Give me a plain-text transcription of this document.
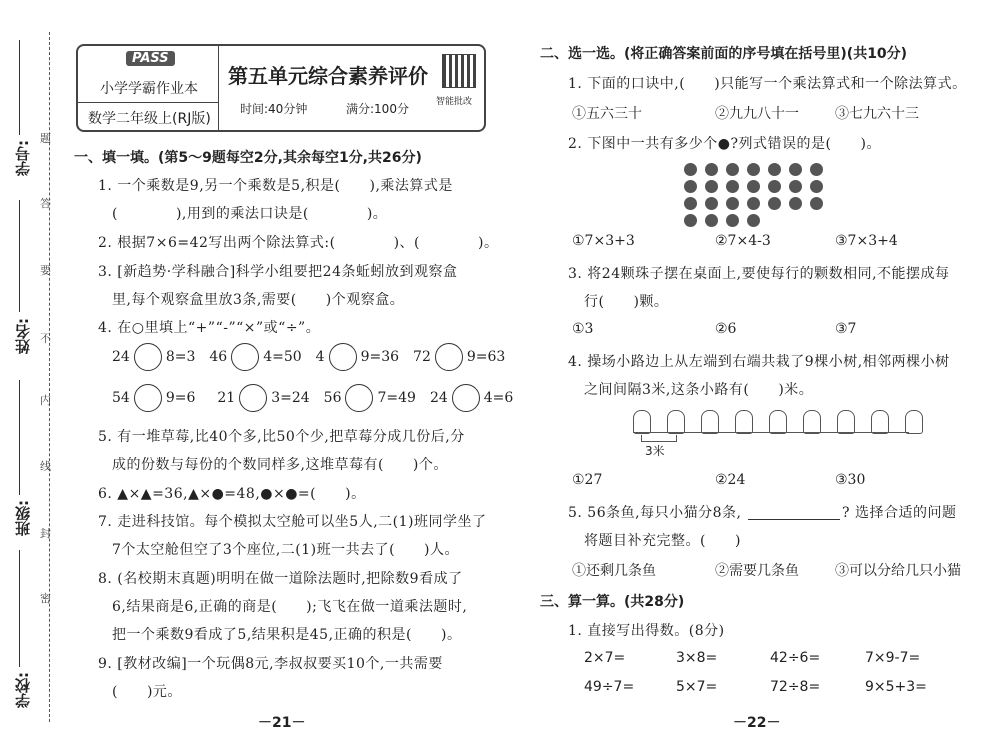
学号:
姓名:
班级:
学校:
题
答
要
不
内
线
封
密
PASS
小学学霸作业本
数学二年级上(RJ版)
第五单元综合素养评价
时间:40分钟	满分:100分	智能批改
一、填一填。(第5～9题每空2分,其余每空1分,共26分)
1. 一个乘数是9,另一个乘数是5,积是(　　),乘法算式是
(　　　　),用到的乘法口诀是(　　　　)。
2. 根据7×6=42写出两个除法算式:(　　　　)、(　　　　)。
3. [新趋势·学科融合]科学小组要把24条蚯蚓放到观察盒
里,每个观察盒里放3条,需要(　　)个观察盒。
4. 在○里填上“+”“-”“×”或“÷”。
24	8=3 46	4=50 4	9=36 72	9=63
54	9=6 21	3=24 56	7=49 24	4=6
5. 有一堆草莓,比40个多,比50个少,把草莓分成几份后,分
成的份数与每份的个数同样多,这堆草莓有(　　)个。
6. ▲×▲=36,▲×●=48,●×●=(　　)。
7. 走进科技馆。每个模拟太空舱可以坐5人,二(1)班同学坐了
7个太空舱但空了3个座位,二(1)班一共去了(　　)人。
8. (名校期末真题)明明在做一道除法题时,把除数9看成了
6,结果商是6,正确的商是(　　);飞飞在做一道乘法题时,
把一个乘数9看成了5,结果积是45,正确的积是(　　)。
9. [教材改编]一个玩偶8元,李叔叔要买10个,一共需要
(　　)元。
－21－
二、选一选。(将正确答案前面的序号填在括号里)(共10分)
1. 下面的口诀中,(　　)只能写一个乘法算式和一个除法算式。
①五六三十	②九九八十一	③七九六十三
2. 下图中一共有多少个●?列式错误的是(　　)。
①7×3+3	②7×4-3	③7×3+4
3. 将24颗珠子摆在桌面上,要使每行的颗数相同,不能摆成每
行(　　)颗。
①3	②6	③7
4. 操场小路边上从左端到右端共栽了9棵小树,相邻两棵小树
之间间隔3米,这条小路有(　　)米。
3米
①27	②24	③30
5. 56条鱼,每只小猫分8条,	? 选择合适的问题
将题目补充完整。(　　)
①还剩几条鱼	②需要几条鱼	③可以分给几只小猫
三、算一算。(共28分)
1. 直接写出得数。(8分)
2×7=	3×8=	42÷6=	7×9-7=
49÷7=	5×7=	72÷8=	9×5+3=
－22－
